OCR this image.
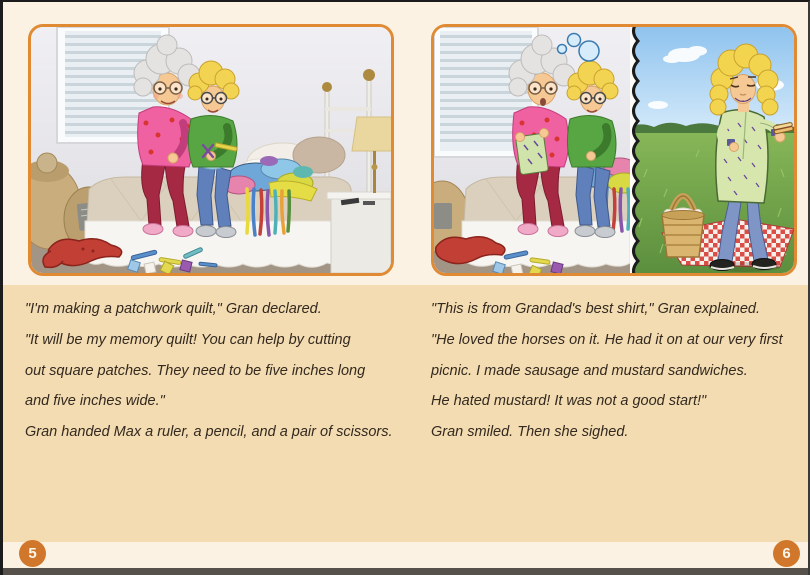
"I'm making a patchwork quilt," Gran declared.
"It will be my memory quilt! You can help by cutting
out square patches. They need to be five inches long
and five inches wide."
Gran handed Max a ruler, a pencil, and a pair of scissors.
"This is from Grandad's best shirt," Gran explained.
"He loved the horses on it. He had it on at our very first
picnic. I made sausage and mustard sandwiches.
He hated mustard! It was not a good start!"
Gran smiled. Then she sighed.
5	6
